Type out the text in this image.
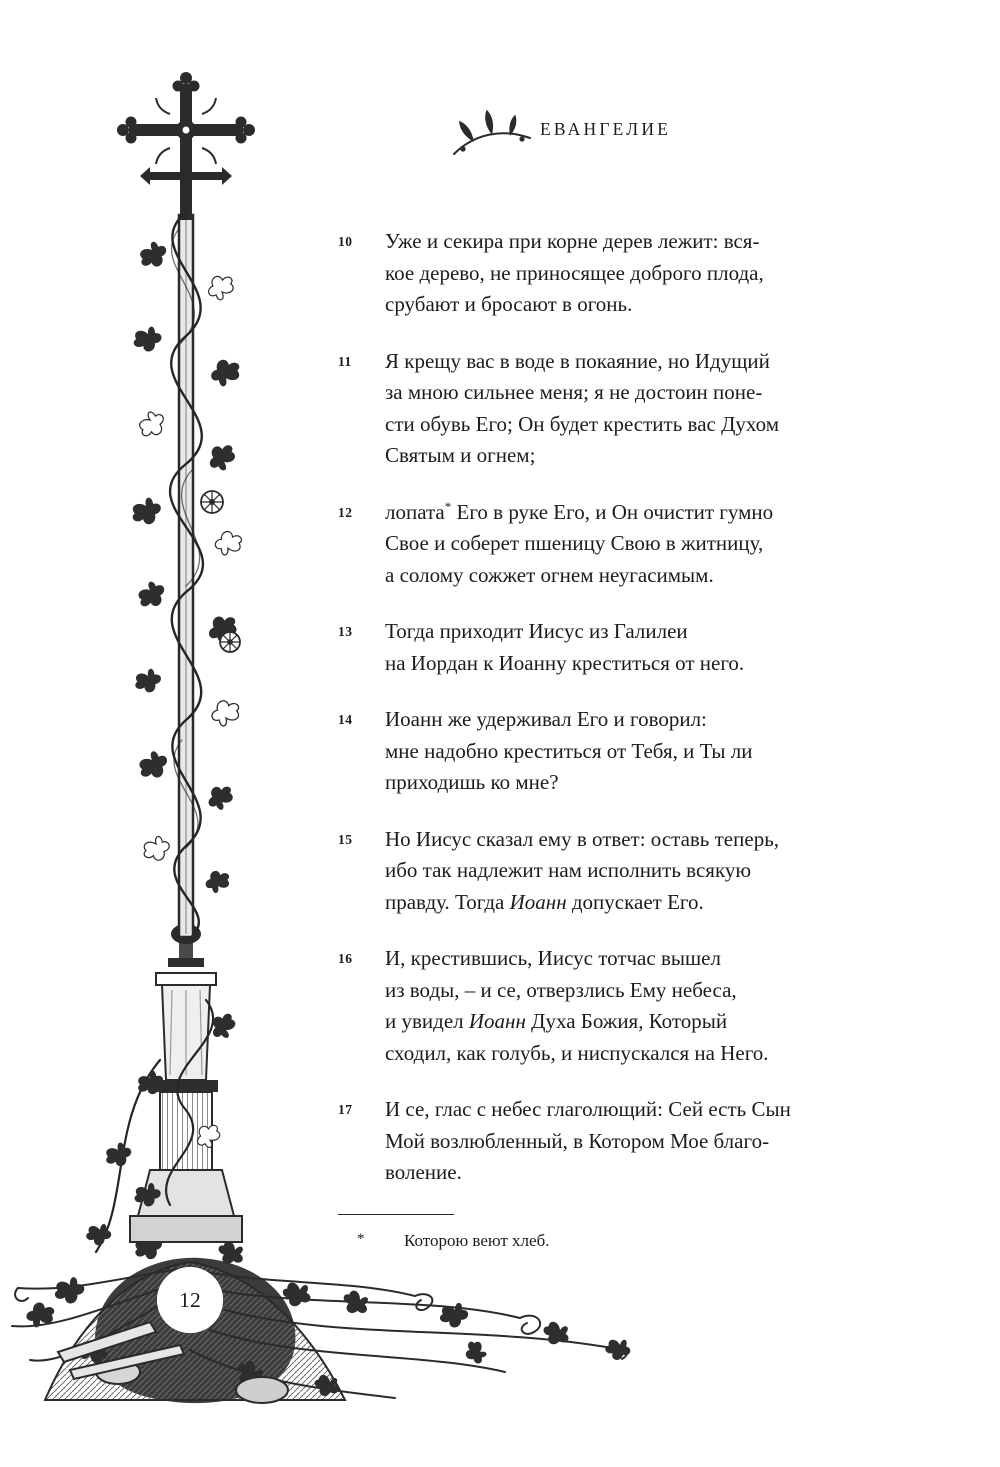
ЕВАНГЕЛИЕ
10	Уже и секира при корне дерев лежит: вся-
кое дерево, не приносящее доброго плода,
срубают и бросают в огонь.
11	Я крещу вас в воде в покаяние, но Идущий
за мною сильнее меня; я не достоин поне-
сти обувь Его; Он будет крестить вас Духом
Святым и огнем;
12	лопата* Его в руке Его, и Он очистит гумно
Свое и соберет пшеницу Свою в житницу,
а солому сожжет огнем неугасимым.
13	Тогда приходит Иисус из Галилеи
на Иордан к Иоанну креститься от него.
14	Иоанн же удерживал Его и говорил:
мне надобно креститься от Тебя, и Ты ли
приходишь ко мне?
15	Но Иисус сказал ему в ответ: оставь теперь,
ибо так надлежит нам исполнить всякую
правду. Тогда Иоанн допускает Его.
16	И, крестившись, Иисус тотчас вышел
из воды, – и се, отверзлись Ему небеса,
и увидел Иоанн Духа Божия, Который
сходил, как голубь, и ниспускался на Него.
17	И се, глас с небес глаголющий: Сей есть Сын
Мой возлюбленный, в Котором Мое благо-
воление.
*	Которою веют хлеб.
12
